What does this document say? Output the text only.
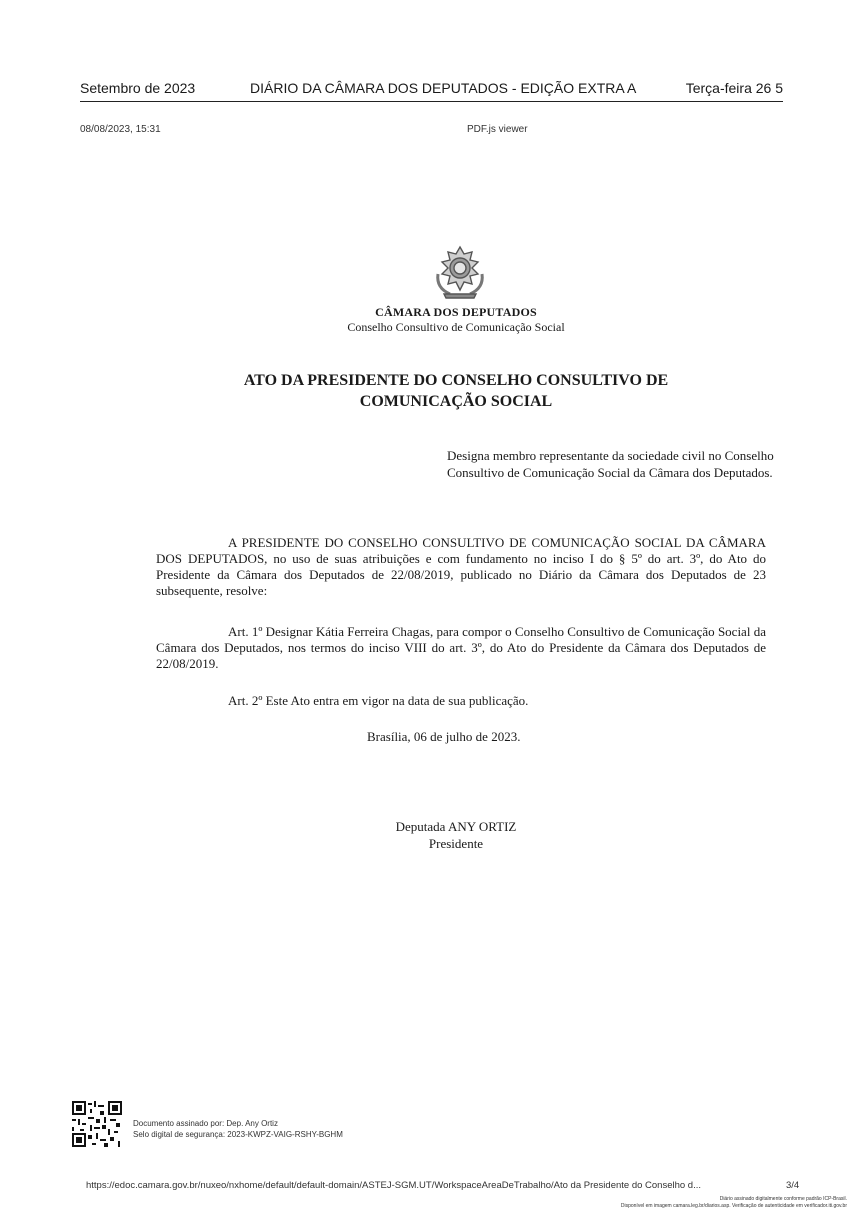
Setembro de 2023	DIÁRIO DA CÂMARA DOS DEPUTADOS - EDIÇÃO EXTRA A	Terça-feira 26 5
08/08/2023, 15:31	PDF.js viewer
CÂMARA DOS DEPUTADOS
Conselho Consultivo de Comunicação Social
ATO DA PRESIDENTE DO CONSELHO CONSULTIVO DE
COMUNICAÇÃO SOCIAL
Designa membro representante da sociedade civil no Conselho Consultivo de Comunicação Social da Câmara dos Deputados.
A PRESIDENTE DO CONSELHO CONSULTIVO DE COMUNICAÇÃO SOCIAL DA CÂMARA DOS DEPUTADOS, no uso de suas atribuições e com fundamento no inciso I do § 5º do art. 3º, do Ato do Presidente da Câmara dos Deputados de 22/08/2019, publicado no Diário da Câmara dos Deputados de 23 subsequente, resolve:
Art. 1º Designar Kátia Ferreira Chagas, para compor o Conselho Consultivo de Comunicação Social da Câmara dos Deputados, nos termos do inciso VIII do art. 3º, do Ato do Presidente da Câmara dos Deputados de 22/08/2019.
Art. 2º Este Ato entra em vigor na data de sua publicação.
Brasília, 06 de julho de 2023.
Deputada ANY ORTIZ
Presidente
Documento assinado por: Dep. Any Ortiz
Selo digital de segurança: 2023-KWPZ-VAIG-RSHY-BGHM
https://edoc.camara.gov.br/nuxeo/nxhome/default/default-domain/ASTEJ-SGM.UT/WorkspaceAreaDeTrabalho/Ato da Presidente do Conselho d...	3/4
Diário assinado digitalmente conforme padrão ICP-Brasil.
Disponível em imagem camara.leg.br/diarios.asp. Verificação de autenticidade em verificador.iti.gov.br
